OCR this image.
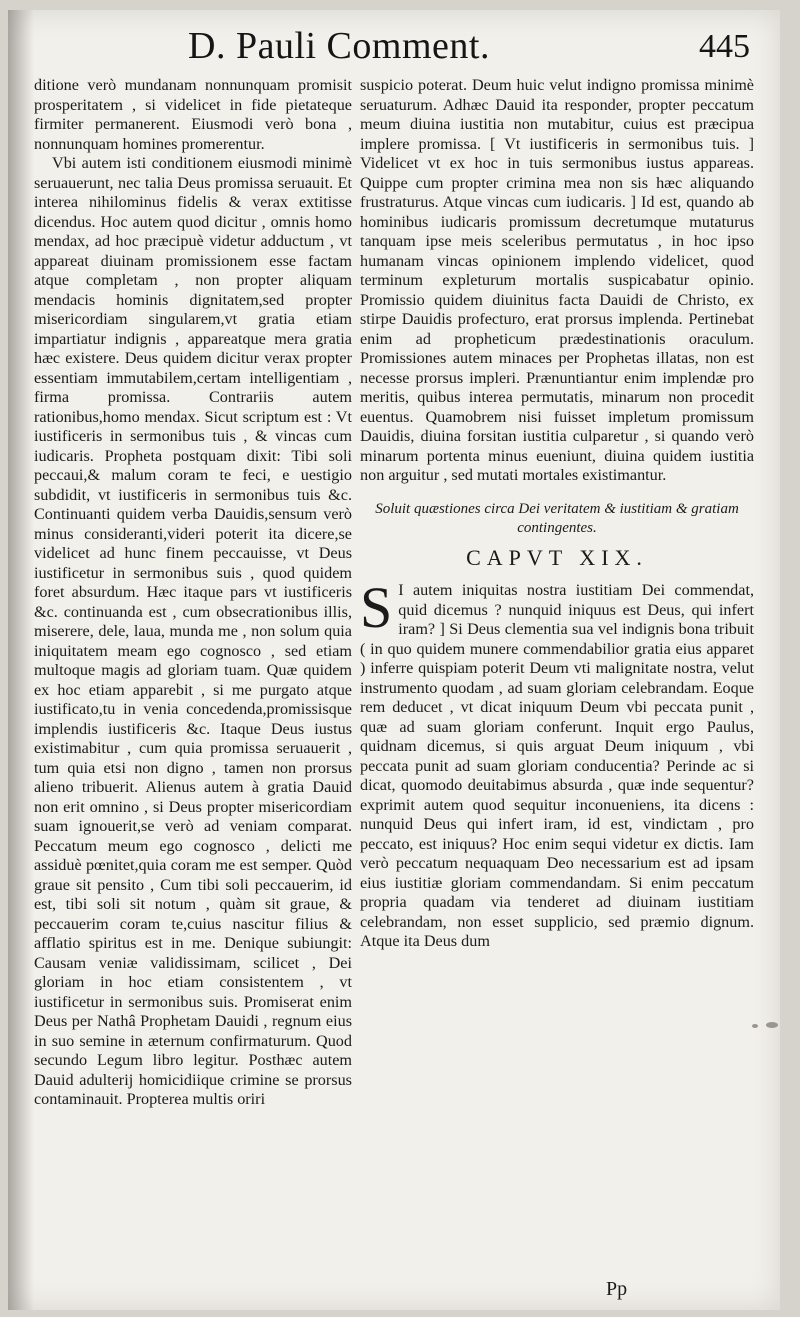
D. Pauli Comment.	445

ditione verò mundanam nonnunquam promisit prosperitatem , si videlicet in fide pietateque firmiter permanerent. Eiusmodi verò bona , nonnunquam homines promerentur.

Vbi autem isti conditionem eiusmodi minimè seruauerunt, nec talia Deus promissa seruauit. Et interea nihilominus fidelis & verax extitisse dicendus. Hoc autem quod dicitur , omnis homo mendax, ad hoc præcipuè videtur adductum , vt appareat diuinam promissionem esse factam atque completam , non propter aliquam mendacis hominis dignitatem,sed propter misericordiam singularem,vt gratia etiam impartiatur indignis , appareatque mera gratia hæc existere. Deus quidem dicitur verax propter essentiam immutabilem,certam intelligentiam , firma promissa. Contrariis autem rationibus,homo mendax. Sicut scriptum est : Vt iustificeris in sermonibus tuis , & vincas cum iudicaris. Propheta postquam dixit: Tibi soli peccaui,& malum coram te feci, e uestigio subdidit, vt iustificeris in sermonibus tuis &c. Continuanti quidem verba Dauidis,sensum verò minus consideranti,videri poterit ita dicere,se videlicet ad hunc finem peccauisse, vt Deus iustificetur in sermonibus suis , quod quidem foret absurdum. Hæc itaque pars vt iustificeris &c. continuanda est , cum obsecrationibus illis, miserere, dele, laua, munda me , non solum quia iniquitatem meam ego cognosco , sed etiam multoque magis ad gloriam tuam. Quæ quidem ex hoc etiam apparebit , si me purgato atque iustificato,tu in venia concedenda,promissisque implendis iustificeris &c. Itaque Deus iustus existimabitur , cum quia promissa seruauerit , tum quia etsi non digno , tamen non prorsus alieno tribuerit. Alienus autem à gratia Dauid non erit omnino , si Deus propter misericordiam suam ignouerit,se verò ad veniam comparat. Peccatum meum ego cognosco , delicti me assiduè pœnitet,quia coram me est semper. Quòd graue sit pensito , Cum tibi soli peccauerim, id est, tibi soli sit notum , quàm sit graue, & peccauerim coram te,cuius nascitur filius & afflatio spiritus est in me. Denique subiungit: Causam veniæ validissimam, scilicet , Dei gloriam in hoc etiam consistentem , vt iustificetur in sermonibus suis. Promiserat enim Deus per Nathâ Prophetam Dauidi , regnum eius in suo semine in æternum confirmaturum. Quod secundo Legum libro legitur. Posthæc autem Dauid adulterij homicidiique crimine se prorsus contaminauit. Propterea multis oriri

suspicio poterat. Deum huic velut indigno promissa minimè seruaturum. Adhæc Dauid ita responder, propter peccatum meum diuina iustitia non mutabitur, cuius est præcipua implere promissa. [ Vt iustificeris in sermonibus tuis. ] Videlicet vt ex hoc in tuis sermonibus iustus appareas. Quippe cum propter crimina mea non sis hæc aliquando frustraturus. Atque vincas cum iudicaris. ] Id est, quando ab hominibus iudicaris promissum decretumque mutaturus tanquam ipse meis sceleribus permutatus , in hoc ipso humanam vincas opinionem implendo videlicet, quod terminum expleturum mortalis suspicabatur opinio. Promissio quidem diuinitus facta Dauidi de Christo, ex stirpe Dauidis profecturo, erat prorsus implenda. Pertinebat enim ad propheticum prædestinationis oraculum. Promissiones autem minaces per Prophetas illatas, non est necesse prorsus impleri. Prænuntiantur enim implendæ pro meritis, quibus interea permutatis, minarum non procedit euentus. Quamobrem nisi fuisset impletum promissum Dauidis, diuina forsitan iustitia culparetur , si quando verò minarum portenta minus eueniunt, diuina quidem iustitia non arguitur , sed mutati mortales existimantur.

Soluit quæstiones circa Dei veritatem & iustitiam & gratiam contingentes.
CAPVT XIX.

S I autem iniquitas nostra iustitiam Dei commendat, quid dicemus ? nunquid iniquus est Deus, qui infert iram? ] Si Deus clementia sua vel indignis bona tribuit ( in quo quidem munere commendabilior gratia eius apparet ) inferre quispiam poterit Deum vti malignitate nostra, velut instrumento quodam , ad suam gloriam celebrandam. Eoque rem deducet , vt dicat iniquum Deum vbi peccata punit , quæ ad suam gloriam conferunt. Inquit ergo Paulus, quidnam dicemus, si quis arguat Deum iniquum , vbi peccata punit ad suam gloriam conducentia? Perinde ac si dicat, quomodo deuitabimus absurda , quæ inde sequentur? exprimit autem quod sequitur inconueniens, ita dicens : nunquid Deus qui infert iram, id est, vindictam , pro peccato, est iniquus? Hoc enim sequi videtur ex dictis. Iam verò peccatum nequaquam Deo necessarium est ad ipsam eius iustitiæ gloriam commendandam. Si enim peccatum propria quadam via tenderet ad diuinam iustitiam celebrandam, non esset supplicio, sed præmio dignum. Atque ita Deus dum

Pp
